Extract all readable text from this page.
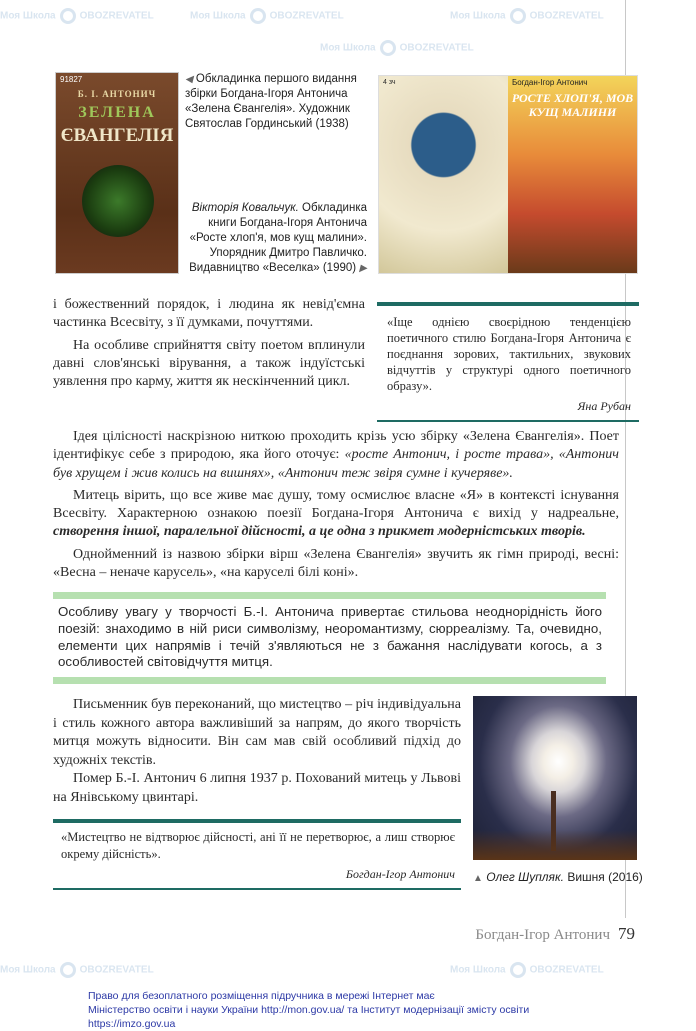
91827
Б. І. АНТОНИЧ
ЗЕЛЕНА
ЄВАНГЕЛІЯ
◀ Обкладинка першого видання збірки Богдана-Ігоря Антонича «Зелена Євангелія». Художник Святослав Гординський (1938)
Вікторія Ковальчук. Обкладинка книги Богдана-Ігоря Антонича «Росте хлоп'я, мов кущ малини». Упорядник Дмитро Павличко. Видавництво «Веселка» (1990) ▶
4 зч	Богдан-Ігор Антонич
РОСТЕ ХЛОП'Я, МОВ КУЩ МАЛИНИ

і божественний порядок, і людина як невід'ємна частинка Всесвіту, з її думками, почуттями.

На особливе сприйняття світу поетом вплинули давні слов'янські вірування, а також індуїстські уявлення про карму, життя як нескінченний цикл.

«Іще однією своєрідною тенденцією поетичного стилю Богдана-Ігоря Антонича є поєднання зорових, тактильних, звукових відчуттів у структурі одного поетичного образу».
Яна Рубан

Ідея цілісності наскрізною ниткою проходить крізь усю збірку «Зелена Євангелія». Поет ідентифікує себе з природою, яка його оточує: «росте Антонич, і росте трава», «Антонич був хрущем і жив колись на вишнях», «Антонич теж звіря сумне і кучеряве».

Митець вірить, що все живе має душу, тому осмислює власне «Я» в контексті існування Всесвіту. Характерною ознакою поезії Богдана-Ігоря Антонича є вихід у надреальне, створення іншої, паралельної дійсності, а це одна з прикмет модерністських творів.

Однойменний із назвою збірки вірш «Зелена Євангелія» звучить як гімн природі, весні: «Весна – неначе карусель», «на каруселі білі коні».

Особливу увагу у творчості Б.-І. Антонича привертає стильова неоднорідність його поезій: знаходимо в ній риси символізму, неоромантизму, сюрреалізму. Та, очевидно, елементи цих напрямів і течій з'являються не з бажання наслідувати когось, а з особливостей світовідчуття митця.

Письменник був переконаний, що мистецтво – річ індивідуальна і стиль кожного автора важливіший за напрям, до якого творчість митця можуть відносити. Він сам мав свій особливий підхід до художніх текстів.

Помер Б.-І. Антонич 6 липня 1937 р. Похований митець у Львові на Янівському цвинтарі.

«Мистецтво не відтворює дійсності, ані її не перетворює, а лиш створює окрему дійсність».
Богдан-Ігор Антонич ▲ Олег Шупляк. Вишня (2016)
Богдан-Ігор Антонич 79
Право для безоплатного розміщення підручника в мережі Інтернет має
Міністерство освіти і науки України http://mon.gov.ua/ та Інститут модернізації змісту освіти https://imzo.gov.ua
Моя Школа OBOZREVATEL	Моя Школа OBOZREVATEL	Моя Школа OBOZREVATEL
Моя Школа OBOZREVATEL
Моя Школа OBOZREVATEL	Моя Школа OBOZREVATEL
